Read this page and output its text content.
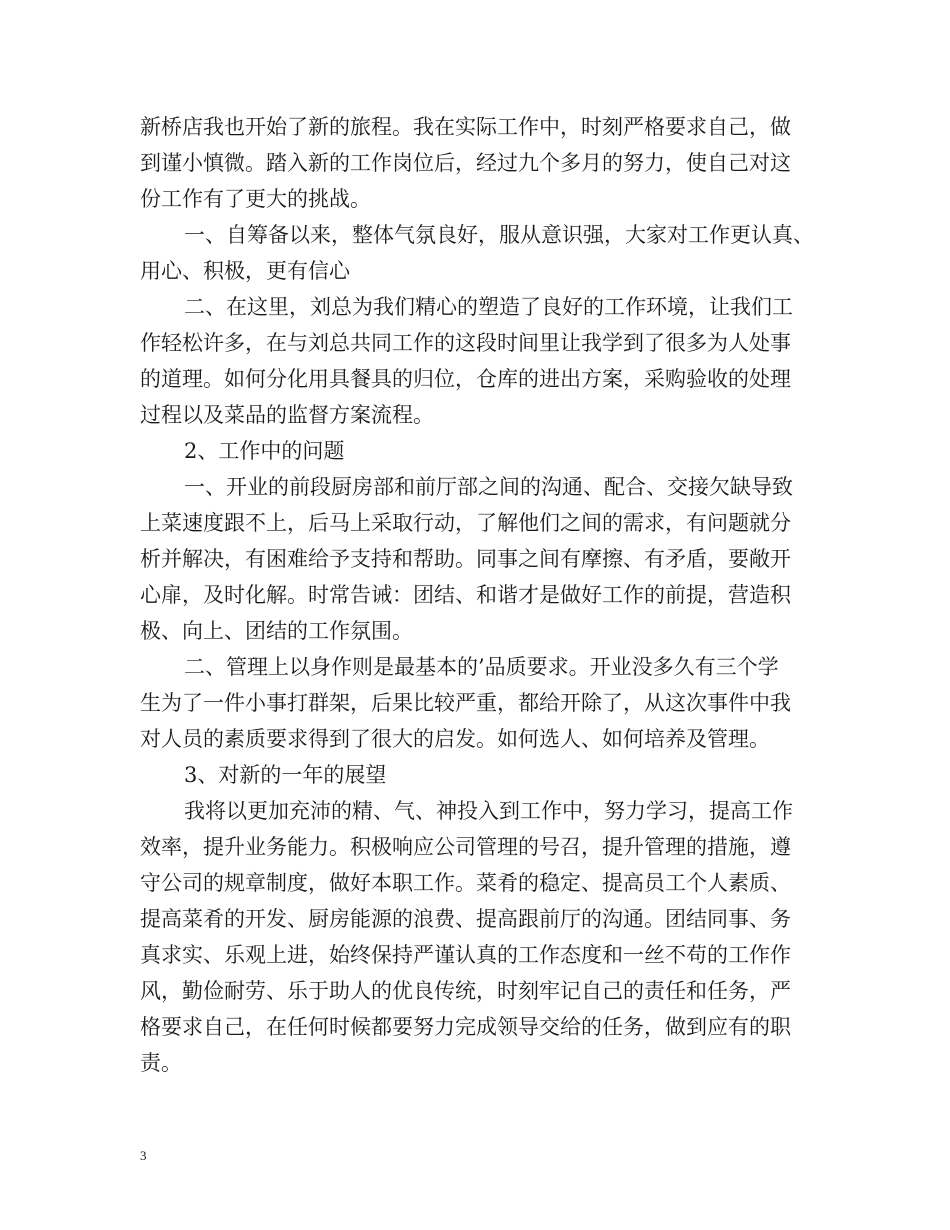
新桥店我也开始了新的旅程。我在实际工作中，时刻严格要求自己，做
到谨小慎微。踏入新的工作岗位后，经过九个多月的努力，使自己对这
份工作有了更大的挑战。
一、自筹备以来，整体气氛良好，服从意识强，大家对工作更认真、
用心、积极，更有信心
二、在这里，刘总为我们精心的塑造了良好的工作环境，让我们工
作轻松许多，在与刘总共同工作的这段时间里让我学到了很多为人处事
的道理。如何分化用具餐具的归位，仓库的进出方案，采购验收的处理
过程以及菜品的监督方案流程。
2、工作中的问题
一、开业的前段厨房部和前厅部之间的沟通、配合、交接欠缺导致
上菜速度跟不上，后马上采取行动，了解他们之间的需求，有问题就分
析并解决，有困难给予支持和帮助。同事之间有摩擦、有矛盾，要敞开
心扉，及时化解。时常告诫：团结、和谐才是做好工作的前提，营造积
极、向上、团结的工作氛围。
二、管理上以身作则是最基本的’品质要求。开业没多久有三个学
生为了一件小事打群架，后果比较严重，都给开除了，从这次事件中我
对人员的素质要求得到了很大的启发。如何选人、如何培养及管理。
3、对新的一年的展望
我将以更加充沛的精、气、神投入到工作中，努力学习，提高工作
效率，提升业务能力。积极响应公司管理的号召，提升管理的措施，遵
守公司的规章制度，做好本职工作。菜肴的稳定、提高员工个人素质、
提高菜肴的开发、厨房能源的浪费、提高跟前厅的沟通。团结同事、务
真求实、乐观上进，始终保持严谨认真的工作态度和一丝不苟的工作作
风，勤俭耐劳、乐于助人的优良传统，时刻牢记自己的责任和任务，严
格要求自己，在任何时候都要努力完成领导交给的任务，做到应有的职
责。
3
